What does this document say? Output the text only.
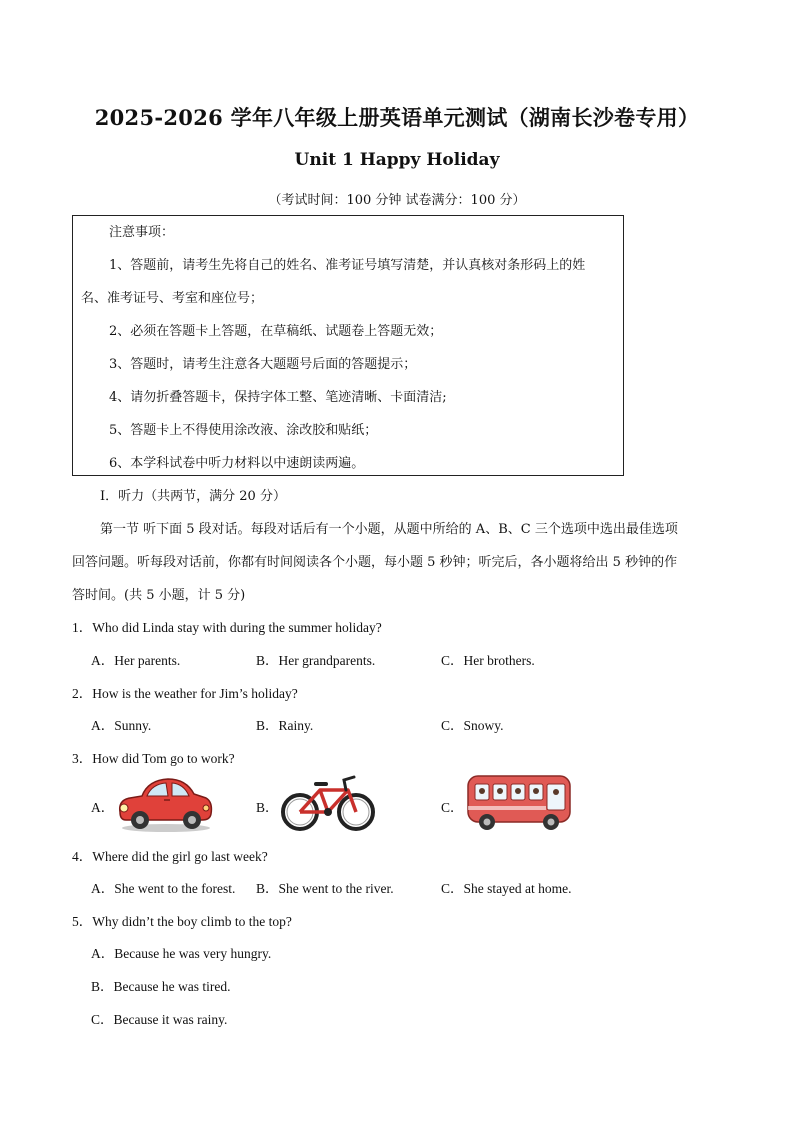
2025-2026 学年八年级上册英语单元测试（湖南长沙卷专用）
Unit 1 Happy Holiday
（考试时间：100 分钟 试卷满分：100 分）
注意事项：
1、答题前，请考生先将自己的姓名、准考证号填写清楚，并认真核对条形码上的姓
名、准考证号、考室和座位号；
2、必须在答题卡上答题，在草稿纸、试题卷上答题无效；
3、答题时，请考生注意各大题题号后面的答题提示；
4、请勿折叠答题卡，保持字体工整、笔迹清晰、卡面清洁;
5、答题卡上不得使用涂改液、涂改胶和贴纸；
6、本学科试卷中听力材料以中速朗读两遍。
I．听力（共两节，满分 20 分）
第一节 听下面 5 段对话。每段对话后有一个小题，从题中所给的 A、B、C 三个选项中选出最佳选项
回答问题。听每段对话前，你都有时间阅读各个小题，每小题 5 秒钟；听完后，各小题将给出 5 秒钟的作
答时间。(共 5 小题，计 5 分)
1．Who did Linda stay with during the summer holiday?
A．Her parents.	B．Her grandparents.	C．Her brothers.
2．How is the weather for Jim’s holiday?
A．Sunny.	B．Rainy.	C．Snowy.
3．How did Tom go to work?
A．	B．	C．
4．Where did the girl go last week?
A．She went to the forest. B．She went to the river.	C．She stayed at home.
5．Why didn’t the boy climb to the top?
A．Because he was very hungry.
B．Because he was tired.
C．Because it was rainy.
